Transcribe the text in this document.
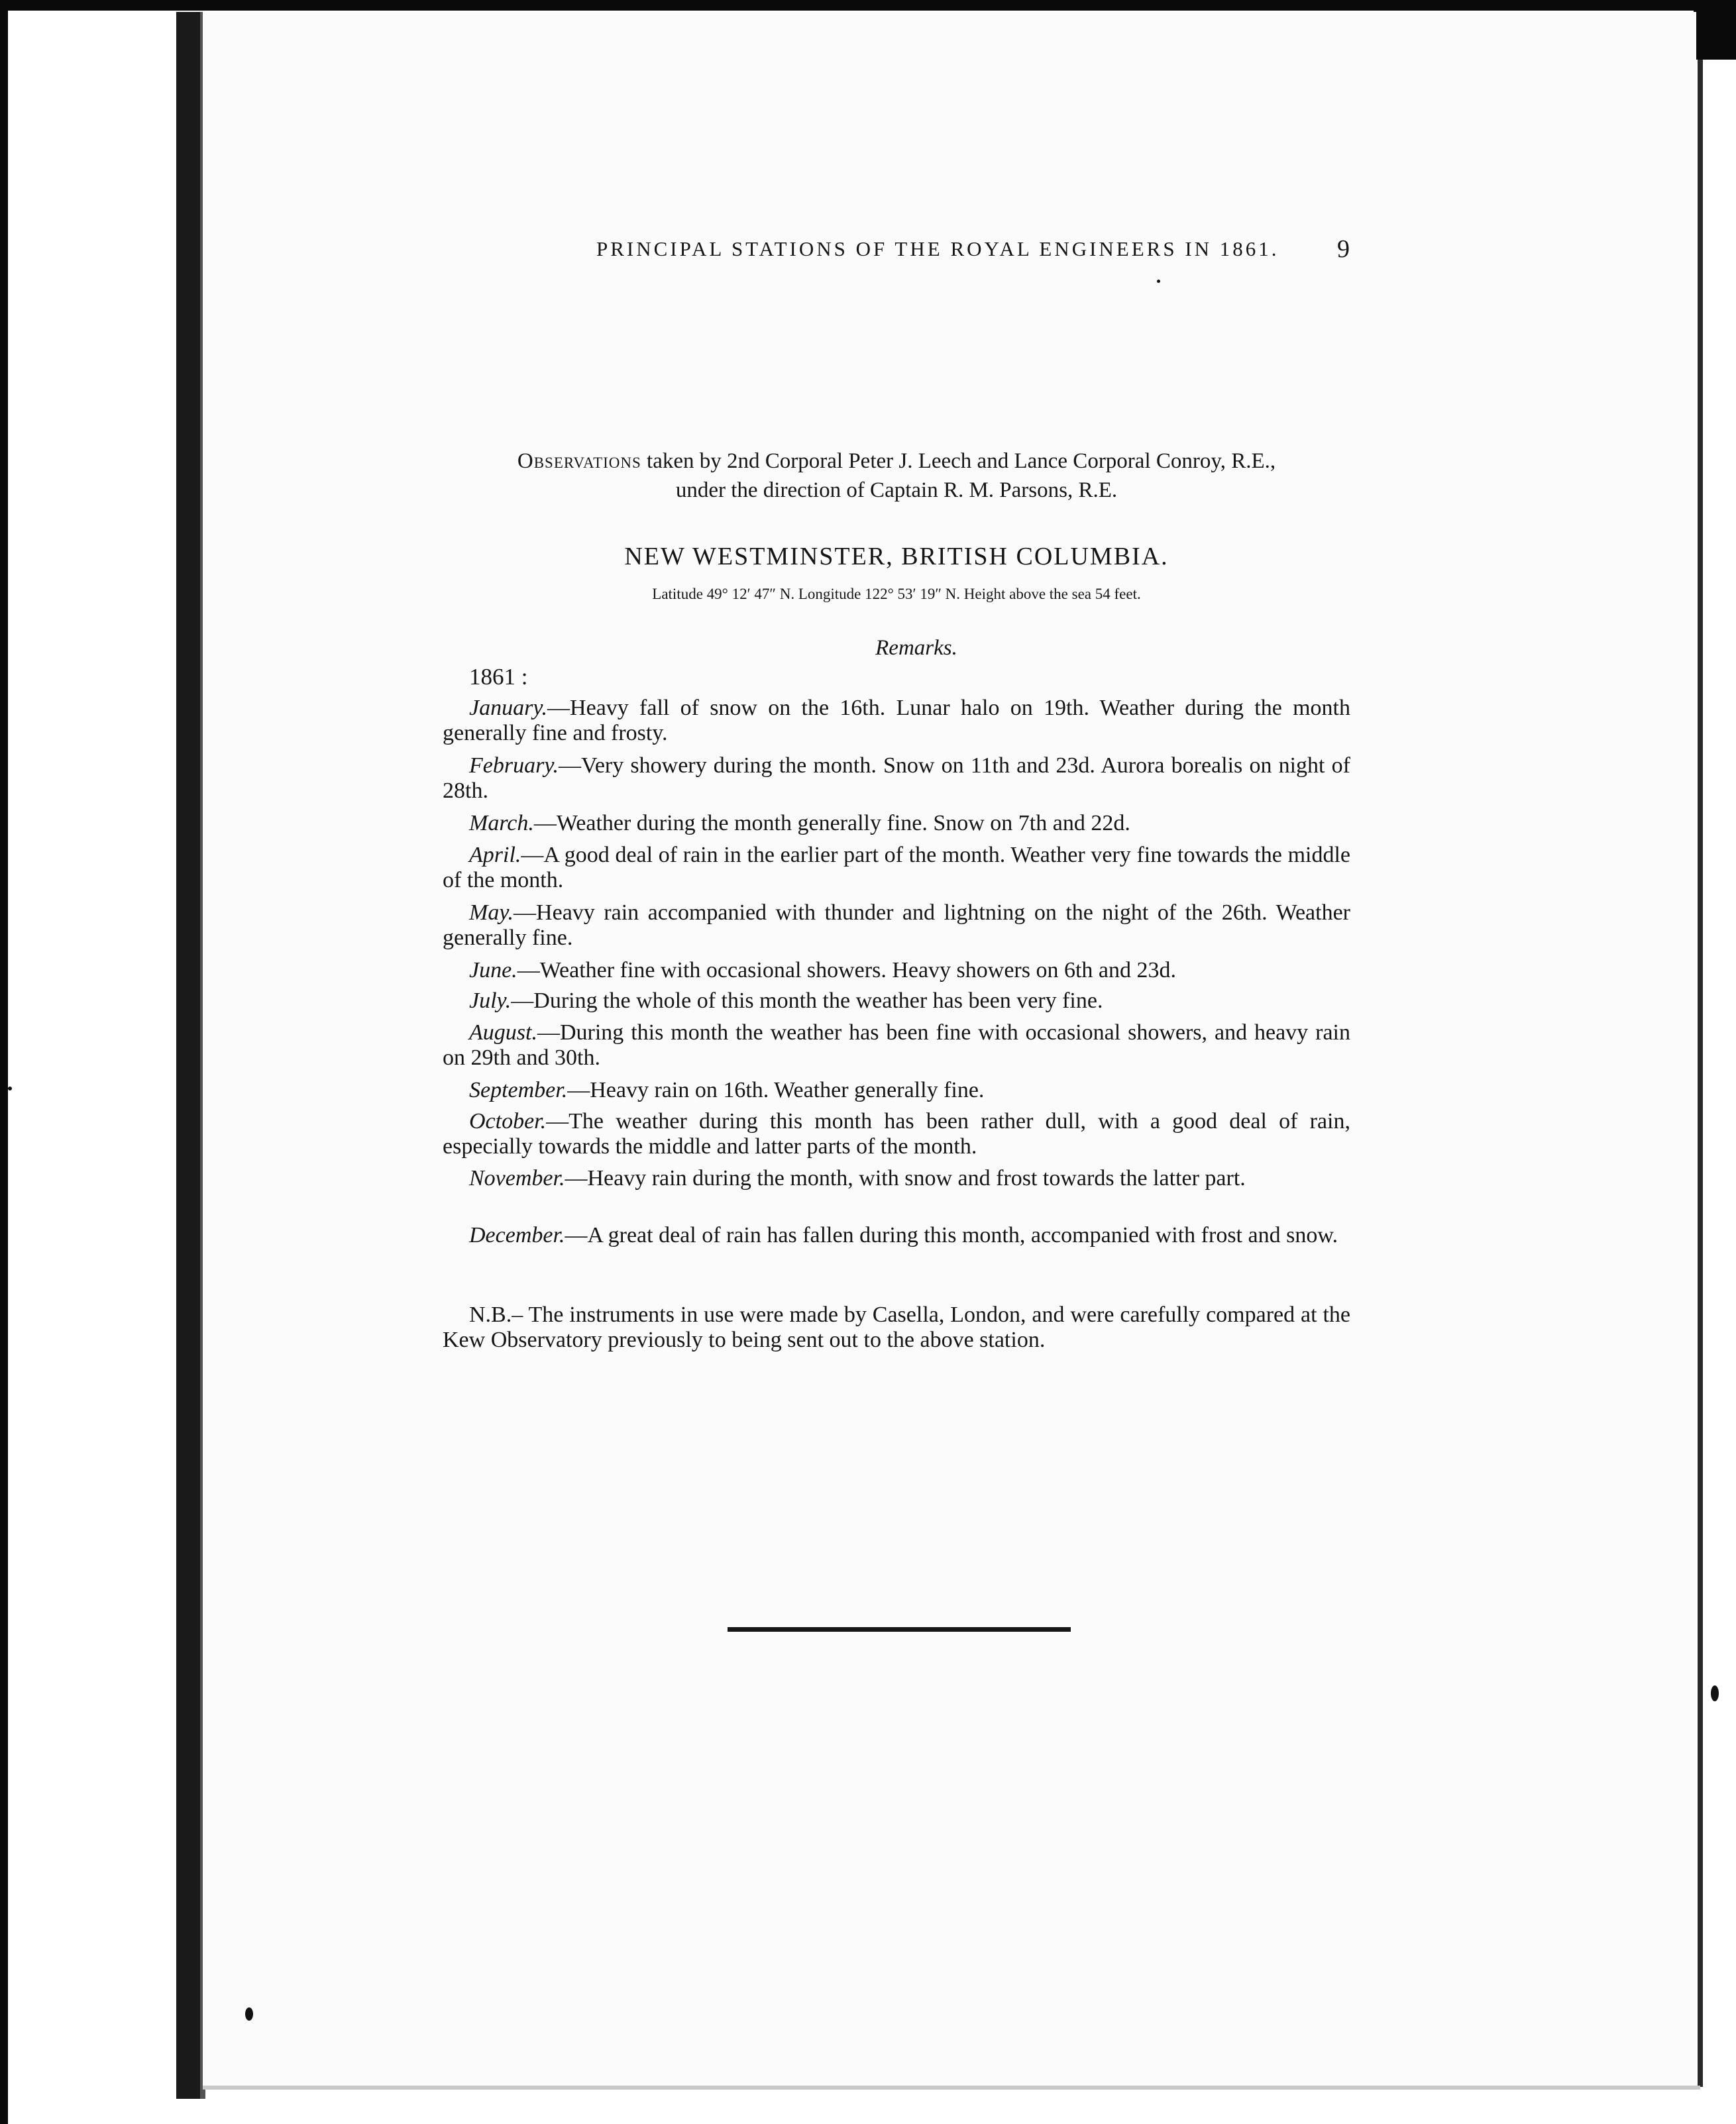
PRINCIPAL STATIONS OF THE ROYAL ENGINEERS IN 1861. 9
Observations taken by 2nd Corporal Peter J. Leech and Lance Corporal Conroy, R.E.,
under the direction of Captain R. M. Parsons, R.E.
NEW WESTMINSTER, BRITISH COLUMBIA.
Latitude 49° 12′ 47″ N. Longitude 122° 53′ 19″ N. Height above the sea 54 feet.
Remarks.
1861 :
January.—Heavy fall of snow on the 16th. Lunar halo on 19th. Weather during the month generally fine and frosty.
February.—Very showery during the month. Snow on 11th and 23d. Aurora borealis on night of 28th.
March.—Weather during the month generally fine. Snow on 7th and 22d.
April.—A good deal of rain in the earlier part of the month. Weather very fine towards the middle of the month.
May.—Heavy rain accompanied with thunder and lightning on the night of the 26th. Weather generally fine.
June.—Weather fine with occasional showers. Heavy showers on 6th and 23d.
July.—During the whole of this month the weather has been very fine.
August.—During this month the weather has been fine with occasional showers, and heavy rain on 29th and 30th.
September.—Heavy rain on 16th. Weather generally fine.
October.—The weather during this month has been rather dull, with a good deal of rain, especially towards the middle and latter parts of the month.
November.—Heavy rain during the month, with snow and frost towards the latter part.
December.—A great deal of rain has fallen during this month, accompanied with frost and snow.
N.B.– The instruments in use were made by Casella, London, and were carefully compared at the Kew Observatory previously to being sent out to the above station.
